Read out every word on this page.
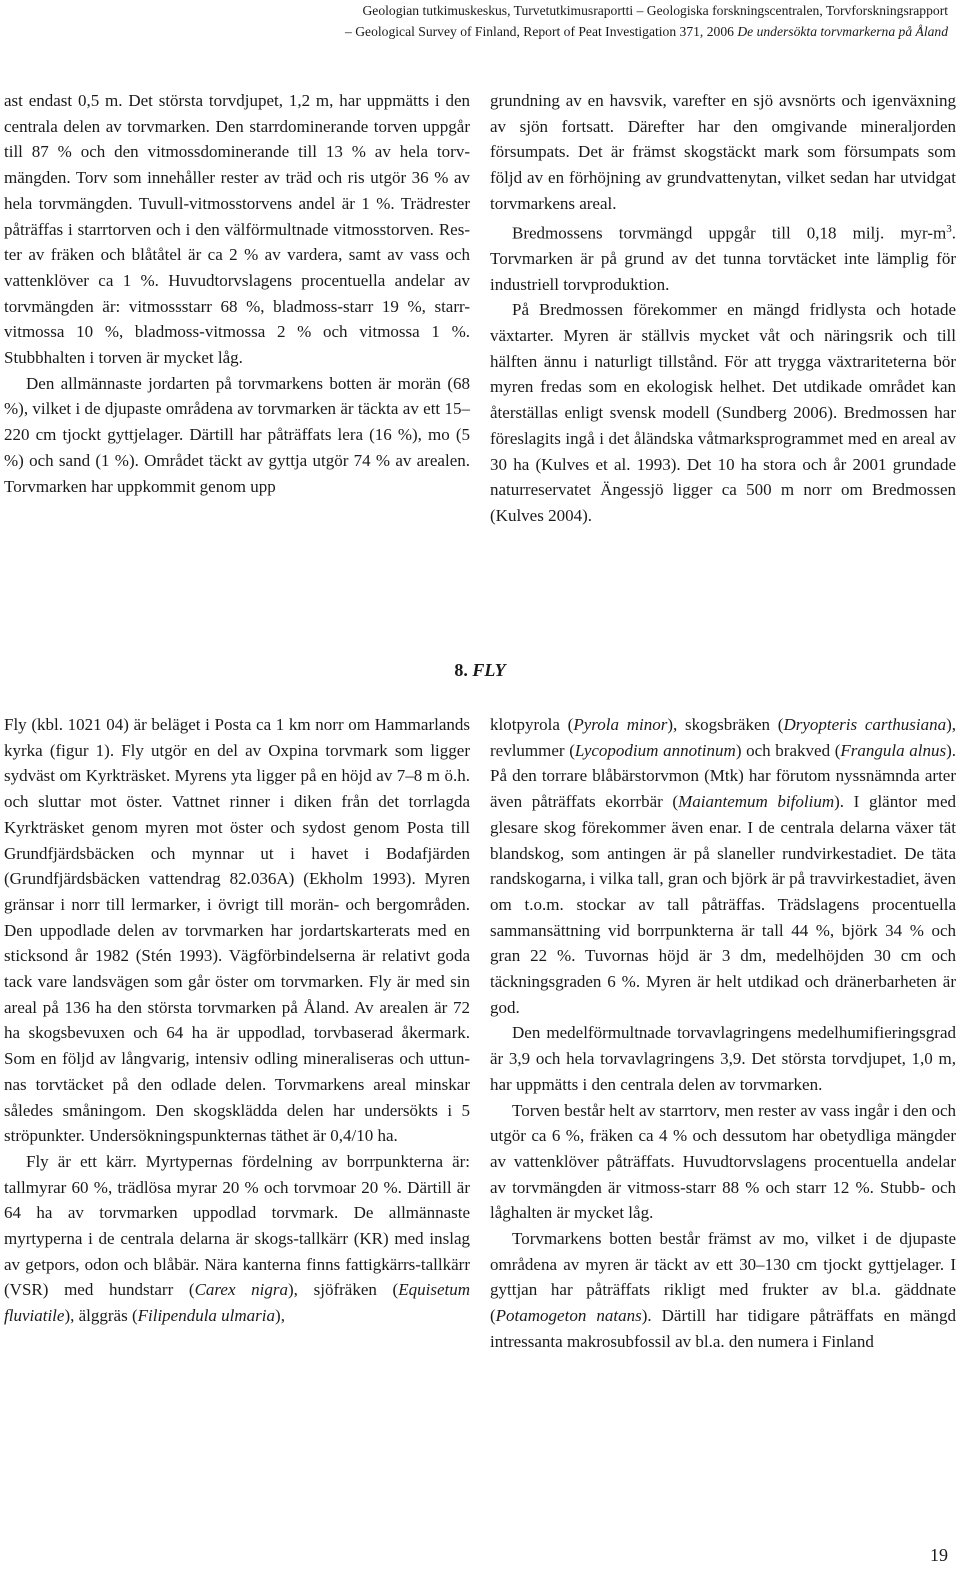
Geologian tutkimuskeskus, Turvetutkimusraportti – Geologiska forskningscentralen, Torvforskningsrapport
– Geological Survey of Finland, Report of Peat Investigation 371, 2006 De undersökta torvmarkerna på Åland

ast endast 0,5 m. Det största torvdjupet, 1,2 m, har uppmätts i den centrala delen av torvmarken. Den starrdominerande torven uppgår till 87 % och den vitmossdominerande till 13 % av hela torvmängden. Torv som innehåller rester av träd och ris utgör 36 % av hela torvmängden. Tuvull-vitmosstorvens andel är 1 %. Trädrester påträffas i starrtorven och i den välförmultnade vitmosstorven. Rester av fräken och blåtåtel är ca 2 % av vardera, samt av vass och vattenklöver ca 1 %. Huvudtorvslagens procentuella andelar av torvmängden är: vitmossstarr 68 %, bladmoss-starr 19 %, starr-vitmossa 10 %, bladmoss-vitmossa 2 % och vitmossa 1 %. Stubbhalten i torven är mycket låg.

Den allmännaste jordarten på torvmarkens botten är morän (68 %), vilket i de djupaste områdena av torvmarken är täckta av ett 15–220 cm tjockt gyttjelager. Därtill har påträffats lera (16 %), mo (5 %) och sand (1 %). Området täckt av gyttja utgör 74 % av arealen. Torvmarken har uppkommit genom upp

grundning av en havsvik, varefter en sjö avsnörts och igenväxning av sjön fortsatt. Därefter har den omgivande mineraljorden försumpats. Det är främst skogstäckt mark som försumpats som följd av en förhöjning av grundvattenytan, vilket sedan har utvidgat torvmarkens areal.

Bredmossens torvmängd uppgår till 0,18 milj. myr-$m^3$. Torvmarken är på grund av det tunna torvtäcket inte lämplig för industriell torvproduktion.

På Bredmossen förekommer en mängd fridlysta och hotade växtarter. Myren är ställvis mycket våt och näringsrik och till hälften ännu i naturligt tillstånd. För att trygga växtrariteterna bör myren fredas som en ekologisk helhet. Det utdikade området kan återställas enligt svensk modell (Sundberg 2006). Bredmossen har föreslagits ingå i det åländska våtmarksprogrammet med en areal av 30 ha (Kulves et al. 1993). Det 10 ha stora och år 2001 grundade naturreservatet Ängessjö ligger ca 500 m norr om Bredmossen (Kulves 2004).

8. FLY

Fly (kbl. 1021 04) är beläget i Posta ca 1 km norr om Hammarlands kyrka (figur 1). Fly utgör en del av Oxpina torvmark som ligger sydväst om Kyrkträsket. Myrens yta ligger på en höjd av 7–8 m ö.h. och sluttar mot öster. Vattnet rinner i diken från det torrlagda Kyrkträsket genom myren mot öster och sydost genom Posta till Grundfjärdsbäcken och mynnar ut i havet i Bodafjärden (Grundfjärdsbäcken vattendrag 82.036A) (Ekholm 1993). Myren gränsar i norr till lermarker, i övrigt till morän- och bergområden. Den uppodlade delen av torvmarken har jordartskarterats med en sticksond år 1982 (Stén 1993). Vägförbindelserna är relativt goda tack vare landsvägen som går öster om torvmarken. Fly är med sin areal på 136 ha den största torvmarken på Åland. Av arealen är 72 ha skogsbevuxen och 64 ha är uppodlad, torvbaserad åkermark. Som en följd av långvarig, intensiv odling mineraliseras och uttunnas torvtäcket på den odlade delen. Torvmarkens areal minskar således småningom. Den skogsklädda delen har undersökts i 5 ströpunkter. Undersökningspunkternas täthet är 0,4/10 ha.

Fly är ett kärr. Myrtypernas fördelning av borrpunkterna är: tallmyrar 60 %, trädlösa myrar 20 % och torvmoar 20 %. Därtill är 64 ha av torvmarken uppodlad torvmark. De allmännaste myrtyperna i de centrala delarna är skogs-tallkärr (KR) med inslag av getpors, odon och blåbär. Nära kanterna finns fattigkärrs-tallkärr (VSR) med hundstarr (Carex nigra), sjöfräken (Equisetum fluviatile), älggräs (Filipendula ulmaria),

klotpyrola (Pyrola minor), skogsbräken (Dryopteris carthusiana), revlummer (Lycopodium annotinum) och brakved (Frangula alnus). På den torrare blåbärstorvmon (Mtk) har förutom nyssnämnda arter även påträffats ekorrbär (Maiantemum bifolium). I gläntor med glesare skog förekommer även enar. I de centrala delarna växer tät blandskog, som antingen är på slaneller rundvirkestadiet. De täta randskogarna, i vilka tall, gran och björk är på travvirkestadiet, även om t.o.m. stockar av tall påträffas. Trädslagens procentuella sammansättning vid borrpunkterna är tall 44 %, björk 34 % och gran 22 %. Tuvornas höjd är 3 dm, medelhöjden 30 cm och täckningsgraden 6 %. Myren är helt utdikad och dränerbarheten är god.

Den medelförmultnade torvavlagringens medelhumifieringsgrad är 3,9 och hela torvavlagringens 3,9. Det största torvdjupet, 1,0 m, har uppmätts i den centrala delen av torvmarken.

Torven består helt av starrtorv, men rester av vass ingår i den och utgör ca 6 %, fräken ca 4 % och dessutom har obetydliga mängder av vattenklöver påträffats. Huvudtorvslagens procentuella andelar av torvmängden är vitmoss-starr 88 % och starr 12 %. Stubb- och låghalten är mycket låg.

Torvmarkens botten består främst av mo, vilket i de djupaste områdena av myren är täckt av ett 30–130 cm tjockt gyttjelager. I gyttjan har påträffats rikligt med frukter av bl.a. gäddnate (Potamogeton natans). Därtill har tidigare påträffats en mängd intressanta makrosubfossil av bl.a. den numera i Finland

19
